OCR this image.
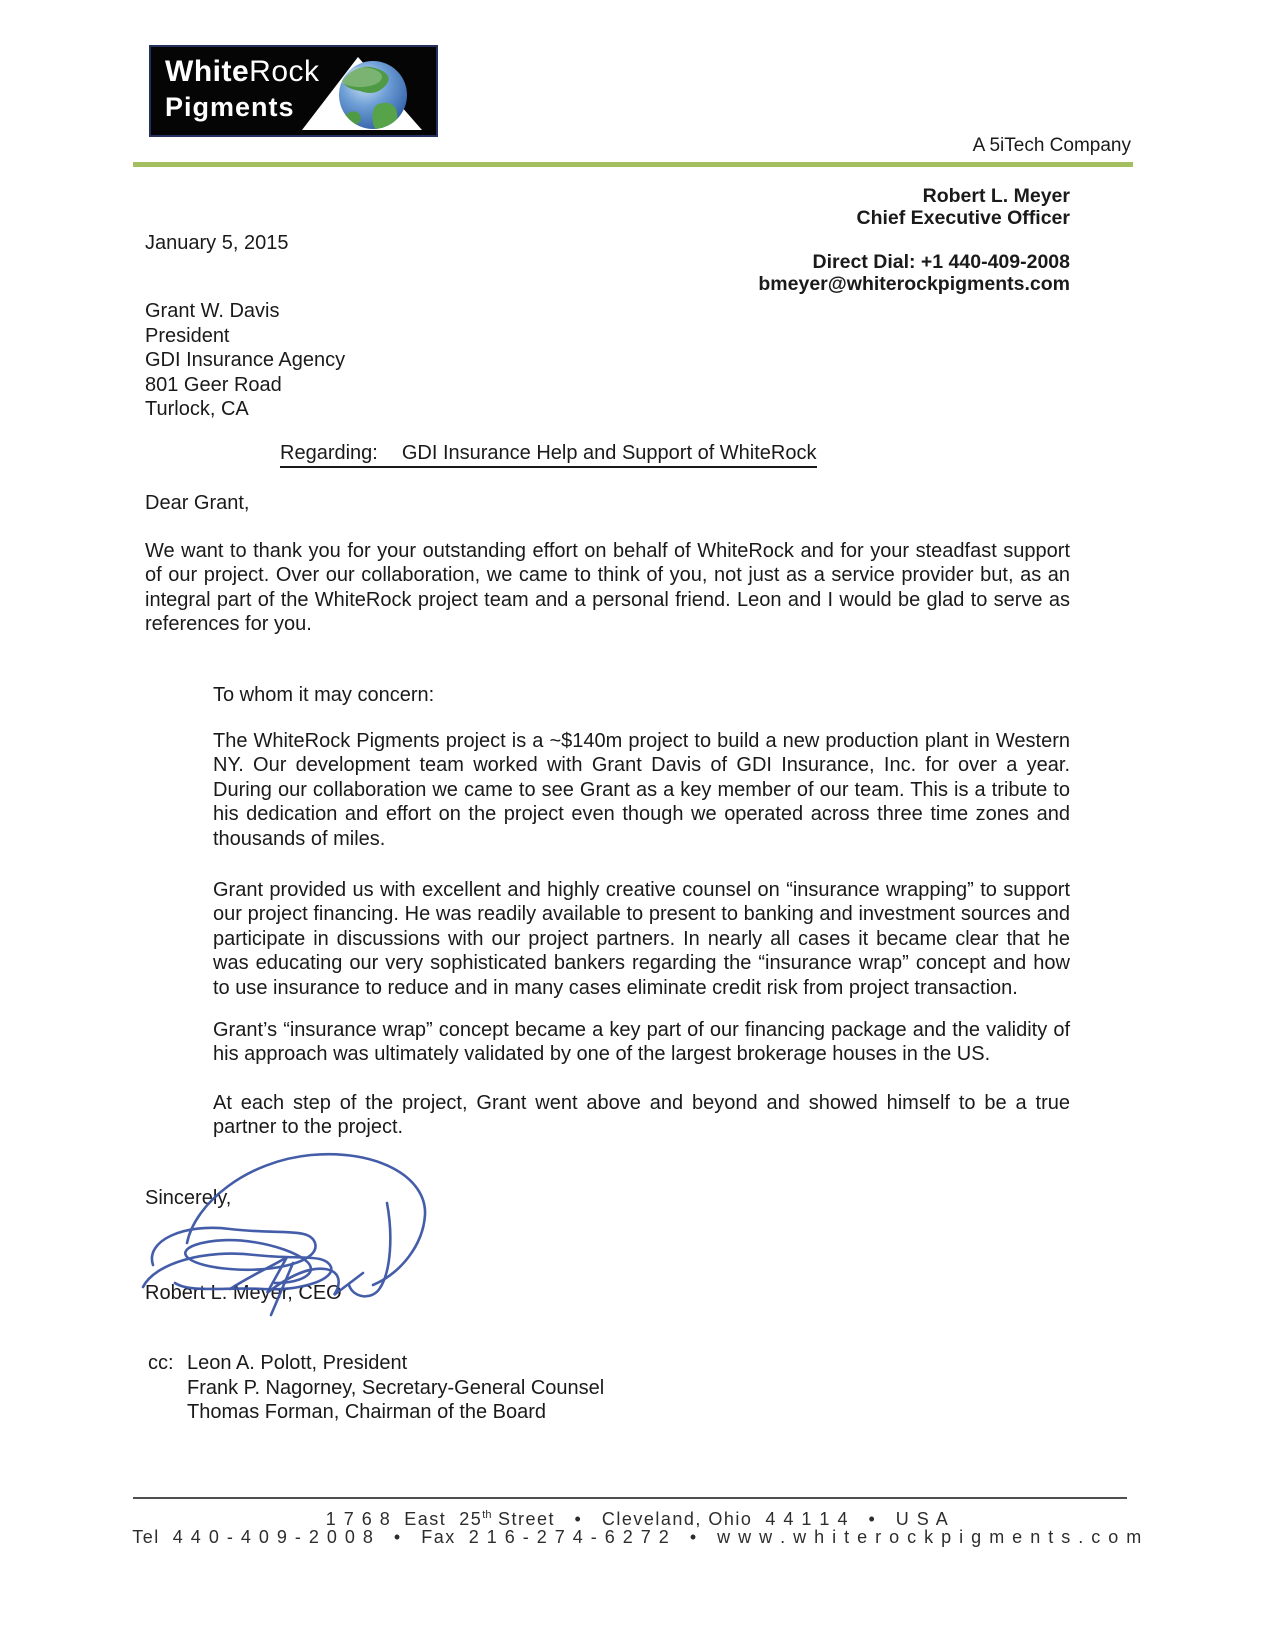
WhiteRock
Pigments
A 5iTech Company
Robert L. Meyer
Chief Executive Officer
Direct Dial: +1 440-409-2008
bmeyer@whiterockpigments.com
January 5, 2015
Grant W. Davis
President
GDI Insurance Agency
801 Geer Road
Turlock, CA
Regarding: GDI Insurance Help and Support of WhiteRock
Dear Grant,
We want to thank you for your outstanding effort on behalf of WhiteRock and for your steadfast support of our project. Over our collaboration, we came to think of you, not just as a service provider but, as an integral part of the WhiteRock project team and a personal friend. Leon and I would be glad to serve as references for you.
To whom it may concern:
The WhiteRock Pigments project is a ~$140m project to build a new production plant in Western NY. Our development team worked with Grant Davis of GDI Insurance, Inc. for over a year. During our collaboration we came to see Grant as a key member of our team. This is a tribute to his dedication and effort on the project even though we operated across three time zones and thousands of miles.
Grant provided us with excellent and highly creative counsel on “insurance wrapping” to support our project financing. He was readily available to present to banking and investment sources and participate in discussions with our project partners. In nearly all cases it became clear that he was educating our very sophisticated bankers regarding the “insurance wrap” concept and how to use insurance to reduce and in many cases eliminate credit risk from project transaction.
Grant’s “insurance wrap” concept became a key part of our financing package and the validity of his approach was ultimately validated by one of the largest brokerage houses in the US.
At each step of the project, Grant went above and beyond and showed himself to be a true partner to the project.
Sincerely,
Robert L. Meyer, CEO
cc: Leon A. Polott, President
Frank P. Nagorney, Secretary-General Counsel
Thomas Forman, Chairman of the Board
1 7 6 8  East  25th Street   •   Cleveland, Ohio  4 4 1 1 4   •   U S A
Tel  4 4 0 - 4 0 9 - 2 0 0 8   •   Fax  2 1 6 - 2 7 4 - 6 2 7 2   •   w w w . w h i t e r o c k p i g m e n t s . c o m
